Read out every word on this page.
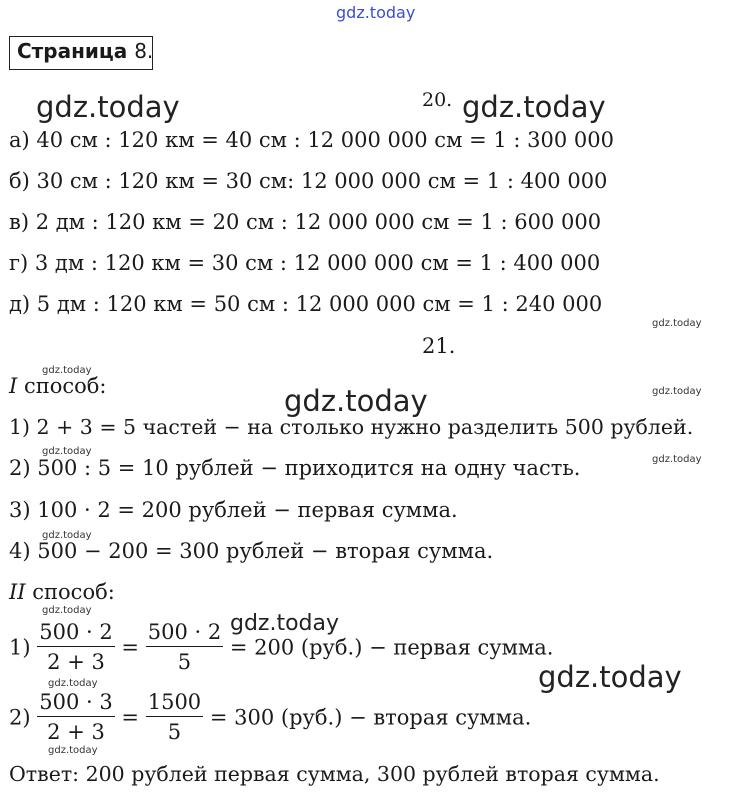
gdz.today
Страница 8.
gdz.today	gdz.today
gdz.today
gdz.today
gdz.today
gdz.today
gdz.today
gdz.today
gdz.today
gdz.today
gdz.today
gdz.today
gdz.today
gdz.today
20.
а) 40 см : 120 км = 40 см : 12 000 000 см = 1 : 300 000
б) 30 см : 120 км = 30 см: 12 000 000 см = 1 : 400 000
в) 2 дм : 120 км = 20 см : 12 000 000 см = 1 : 600 000
г) 3 дм : 120 км = 30 см : 12 000 000 см = 1 : 400 000
д) 5 дм : 120 км = 50 см : 12 000 000 см = 1 : 240 000
21.
I способ:
1) 2 + 3 = 5 частей − на столько нужно разделить 500 рублей.
2) 500 : 5 = 10 рублей − приходится на одну часть.
3) 100 · 2 = 200 рублей − первая сумма.
4) 500 − 200 = 300 рублей − вторая сумма.
II способ:
$1) \frac{500 \cdot 2}{2 + 3} = \frac{500 \cdot 2}{5} = 200$ (руб.) − первая сумма.
$2) \frac{500 \cdot 3}{2 + 3} = \frac{1500}{5} = 300$ (руб.) − вторая сумма.
Ответ: 200 рублей первая сумма, 300 рублей вторая сумма.
